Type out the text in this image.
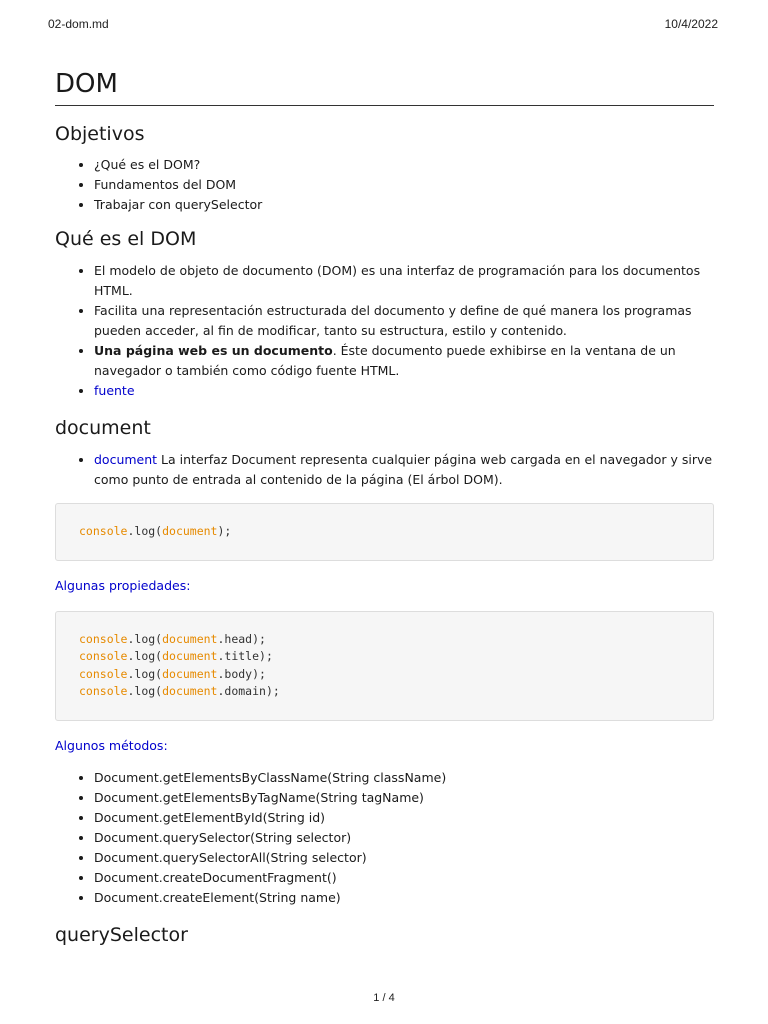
02-dom.md	10/4/2022
DOM
Objetivos
• ¿Qué es el DOM?
• Fundamentos del DOM
• Trabajar con querySelector
Qué es el DOM
• El modelo de objeto de documento (DOM) es una interfaz de programación para los documentos HTML.
• Facilita una representación estructurada del documento y define de qué manera los programas pueden acceder, al fin de modificar, tanto su estructura, estilo y contenido.
• Una página web es un documento. Éste documento puede exhibirse en la ventana de un navegador o también como código fuente HTML.
• fuente
document
• document La interfaz Document representa cualquier página web cargada en el navegador y sirve como punto de entrada al contenido de la página (El árbol DOM).
console.log(document);
Algunas propiedades:
console.log(document.head);
console.log(document.title);
console.log(document.body);
console.log(document.domain);
Algunos métodos:
• Document.getElementsByClassName(String className)
• Document.getElementsByTagName(String tagName)
• Document.getElementById(String id)
• Document.querySelector(String selector)
• Document.querySelectorAll(String selector)
• Document.createDocumentFragment()
• Document.createElement(String name)
querySelector
1 / 4
